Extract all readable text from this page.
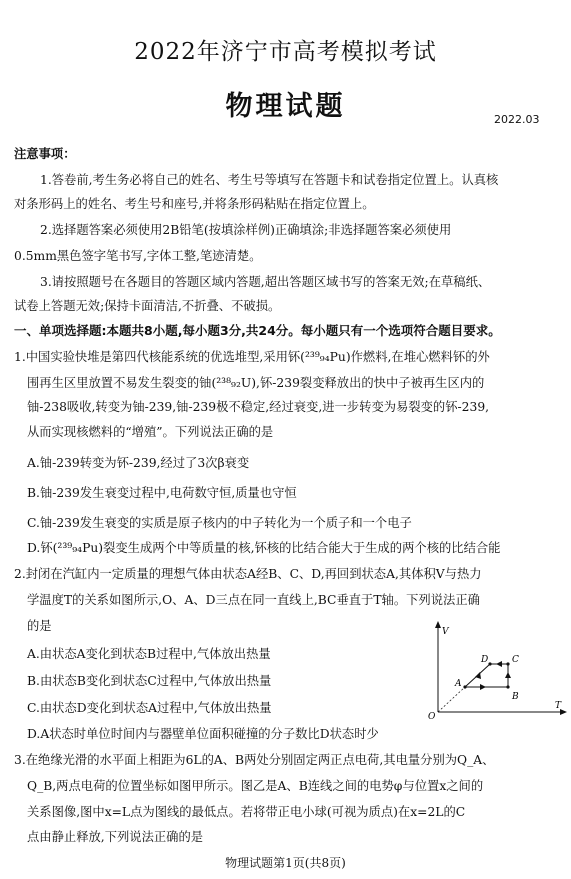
2022年济宁市高考模拟考试
物理试题	2022.03
注意事项：
1.答卷前,考生务必将自己的姓名、考生号等填写在答题卡和试卷指定位置上。认真核
对条形码上的姓名、考生号和座号,并将条形码粘贴在指定位置上。
2.选择题答案必须使用2B铅笔(按填涂样例)正确填涂;非选择题答案必须使用
0.5mm黑色签字笔书写,字体工整,笔迹清楚。
3.请按照题号在各题目的答题区域内答题,超出答题区域书写的答案无效;在草稿纸、
试卷上答题无效;保持卡面清洁,不折叠、不破损。
一、单项选择题:本题共8小题,每小题3分,共24分。每小题只有一个选项符合题目要求。
1.中国实验快堆是第四代核能系统的优选堆型,采用钚(²³⁹₉₄Pu)作燃料,在堆心燃料钚的外
围再生区里放置不易发生裂变的铀(²³⁸₉₂U),钚-239裂变释放出的快中子被再生区内的
铀-238吸收,转变为铀-239,铀-239极不稳定,经过衰变,进一步转变为易裂变的钚-239,
从而实现核燃料的“增殖”。下列说法正确的是
A.铀-239转变为钚-239,经过了3次β衰变
B.铀-239发生衰变过程中,电荷数守恒,质量也守恒
C.铀-239发生衰变的实质是原子核内的中子转化为一个质子和一个电子
D.钚(²³⁹₉₄Pu)裂变生成两个中等质量的核,钚核的比结合能大于生成的两个核的比结合能
2.封闭在汽缸内一定质量的理想气体由状态A经B、C、D,再回到状态A,其体积V与热力
学温度T的关系如图所示,O、A、D三点在同一直线上,BC垂直于T轴。下列说法正确
的是
A.由状态A变化到状态B过程中,气体放出热量
B.由状态B变化到状态C过程中,气体放出热量
C.由状态D变化到状态A过程中,气体放出热量
D.A状态时单位时间内与器壁单位面积碰撞的分子数比D状态时少
V
T
O
A
B
C
D
3.在绝缘光滑的水平面上相距为6L的A、B两处分别固定两正点电荷,其电量分别为Q_A、
Q_B,两点电荷的位置坐标如图甲所示。图乙是A、B连线之间的电势φ与位置x之间的
关系图像,图中x=L点为图线的最低点。若将带正电小球(可视为质点)在x=2L的C
点由静止释放,下列说法正确的是
物理试题第1页(共8页)
